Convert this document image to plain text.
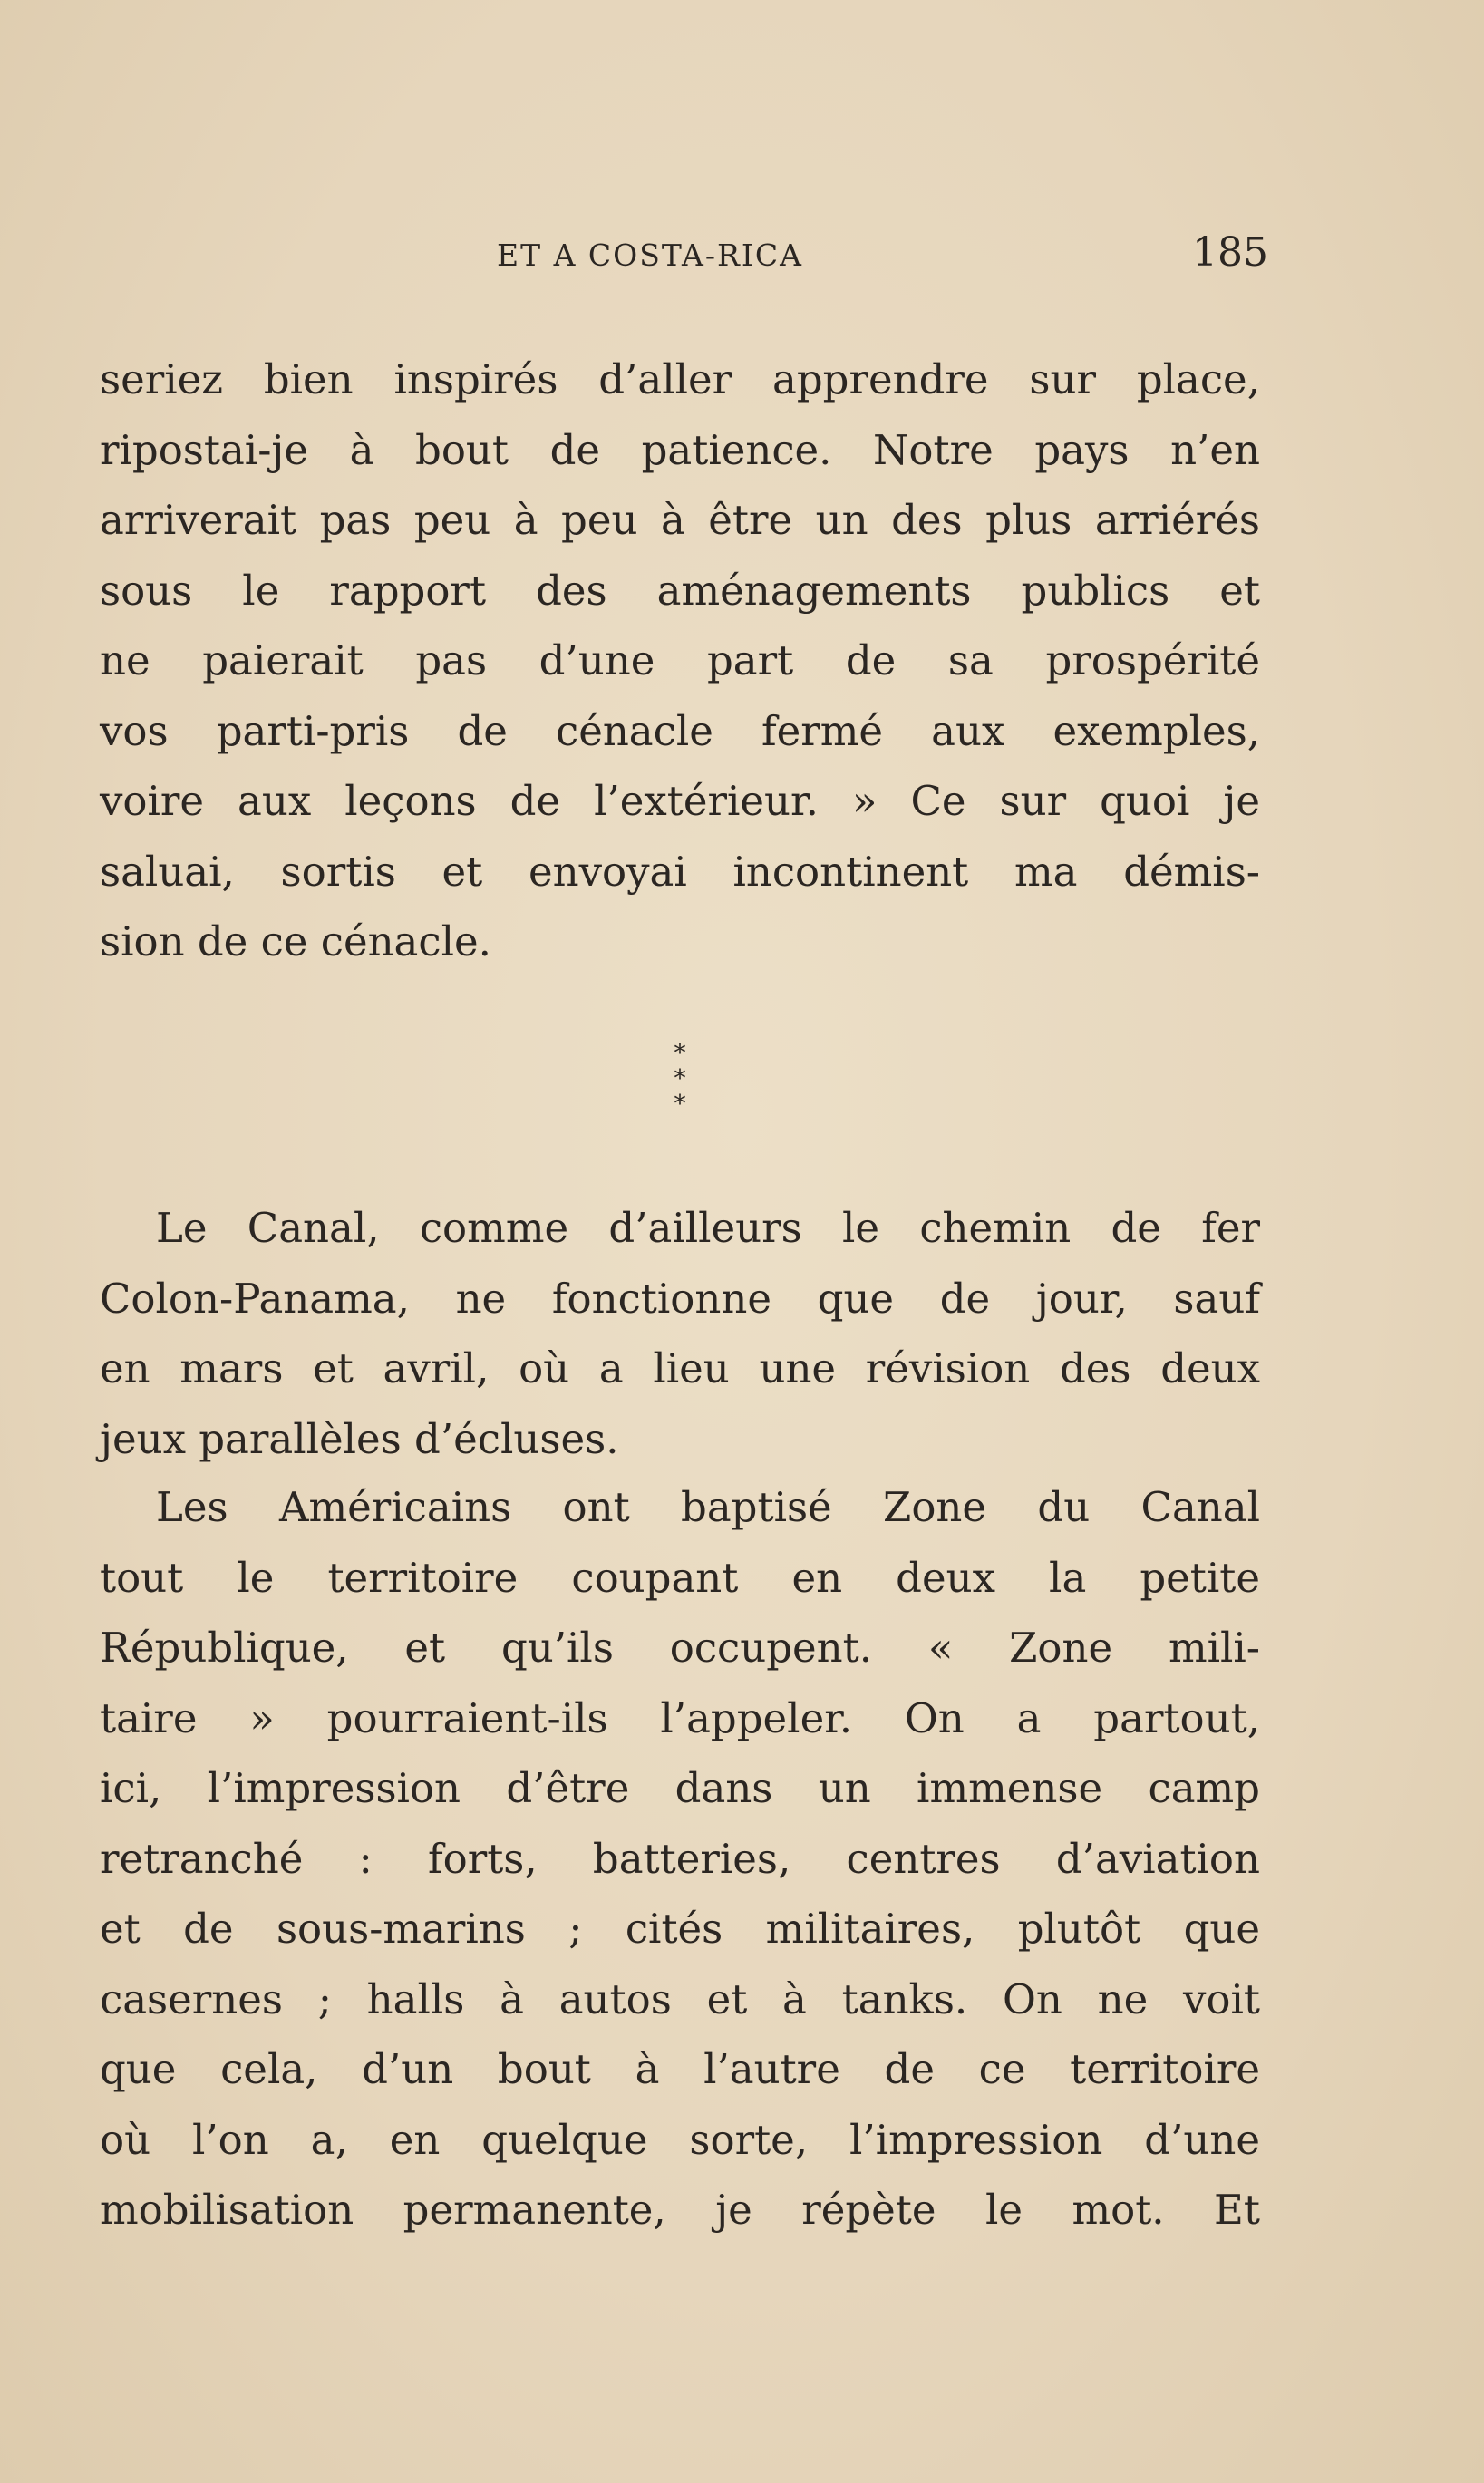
ET A COSTA-RICA	185
seriez bien inspirés d’aller apprendre sur place,
ripostai-je à bout de patience. Notre pays n’en
arriverait pas peu à peu à être un des plus arriérés
sous le rapport des aménagements publics et
ne paierait pas d’une part de sa prospérité
vos parti-pris de cénacle fermé aux exemples,
voire aux leçons de l’extérieur. » Ce sur quoi je
saluai, sortis et envoyai incontinent ma démis-
sion de ce cénacle.
*
* *
Le Canal, comme d’ailleurs le chemin de fer
Colon-Panama, ne fonctionne que de jour, sauf
en mars et avril, où a lieu une révision des deux
jeux parallèles d’écluses.
Les Américains ont baptisé Zone du Canal
tout le territoire coupant en deux la petite
République, et qu’ils occupent. « Zone mili-
taire » pourraient-ils l’appeler. On a partout,
ici, l’impression d’être dans un immense camp
retranché : forts, batteries, centres d’aviation
et de sous-marins ; cités militaires, plutôt que
casernes ; halls à autos et à tanks. On ne voit
que cela, d’un bout à l’autre de ce territoire
où l’on a, en quelque sorte, l’impression d’une
mobilisation permanente, je répète le mot. Et
